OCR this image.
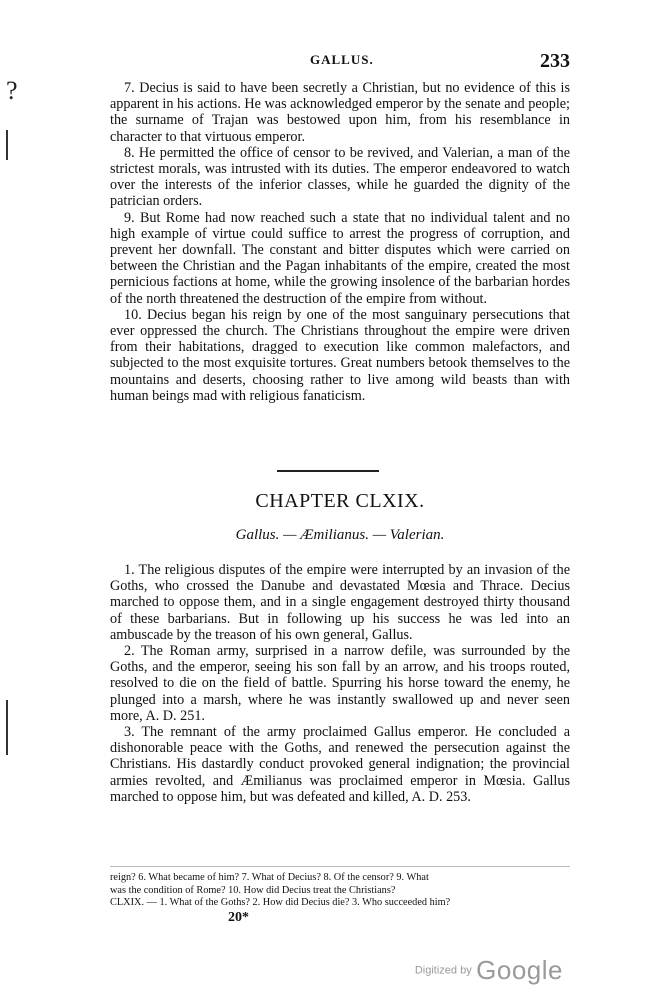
?
GALLUS.	233

7. Decius is said to have been secretly a Christian, but no evidence of this is apparent in his actions. He was acknowledged emperor by the senate and people; the surname of Trajan was bestowed upon him, from his resemblance in character to that virtuous emperor.

8. He permitted the office of censor to be revived, and Valerian, a man of the strictest morals, was intrusted with its duties. The emperor endeavored to watch over the interests of the inferior classes, while he guarded the dignity of the patrician orders.

9. But Rome had now reached such a state that no individual talent and no high example of virtue could suffice to arrest the progress of corruption, and prevent her downfall. The constant and bitter disputes which were carried on between the Christian and the Pagan inhabitants of the empire, created the most pernicious factions at home, while the growing insolence of the barbarian hordes of the north threatened the destruction of the empire from without.

10. Decius began his reign by one of the most sanguinary persecutions that ever oppressed the church. The Christians throughout the empire were driven from their habitations, dragged to execution like common malefactors, and subjected to the most exquisite tortures. Great numbers betook themselves to the mountains and deserts, choosing rather to live among wild beasts than with human beings mad with religious fanaticism.

CHAPTER CLXIX.
Gallus. — Æmilianus. — Valerian.

1. The religious disputes of the empire were interrupted by an invasion of the Goths, who crossed the Danube and devastated Mœsia and Thrace. Decius marched to oppose them, and in a single engagement destroyed thirty thousand of these barbarians. But in following up his success he was led into an ambuscade by the treason of his own general, Gallus.

2. The Roman army, surprised in a narrow defile, was surrounded by the Goths, and the emperor, seeing his son fall by an arrow, and his troops routed, resolved to die on the field of battle. Spurring his horse toward the enemy, he plunged into a marsh, where he was instantly swallowed up and never seen more, A. D. 251.

3. The remnant of the army proclaimed Gallus emperor. He concluded a dishonorable peace with the Goths, and renewed the persecution against the Christians. His dastardly conduct provoked general indignation; the provincial armies revolted, and Æmilianus was proclaimed emperor in Mœsia. Gallus marched to oppose him, but was defeated and killed, A. D. 253.

reign? 6. What became of him? 7. What of Decius? 8. Of the censor? 9. What
was the condition of Rome? 10. How did Decius treat the Christians?
CLXIX. — 1. What of the Goths? 2. How did Decius die? 3. Who succeeded him?
20*
Digitized by Google
